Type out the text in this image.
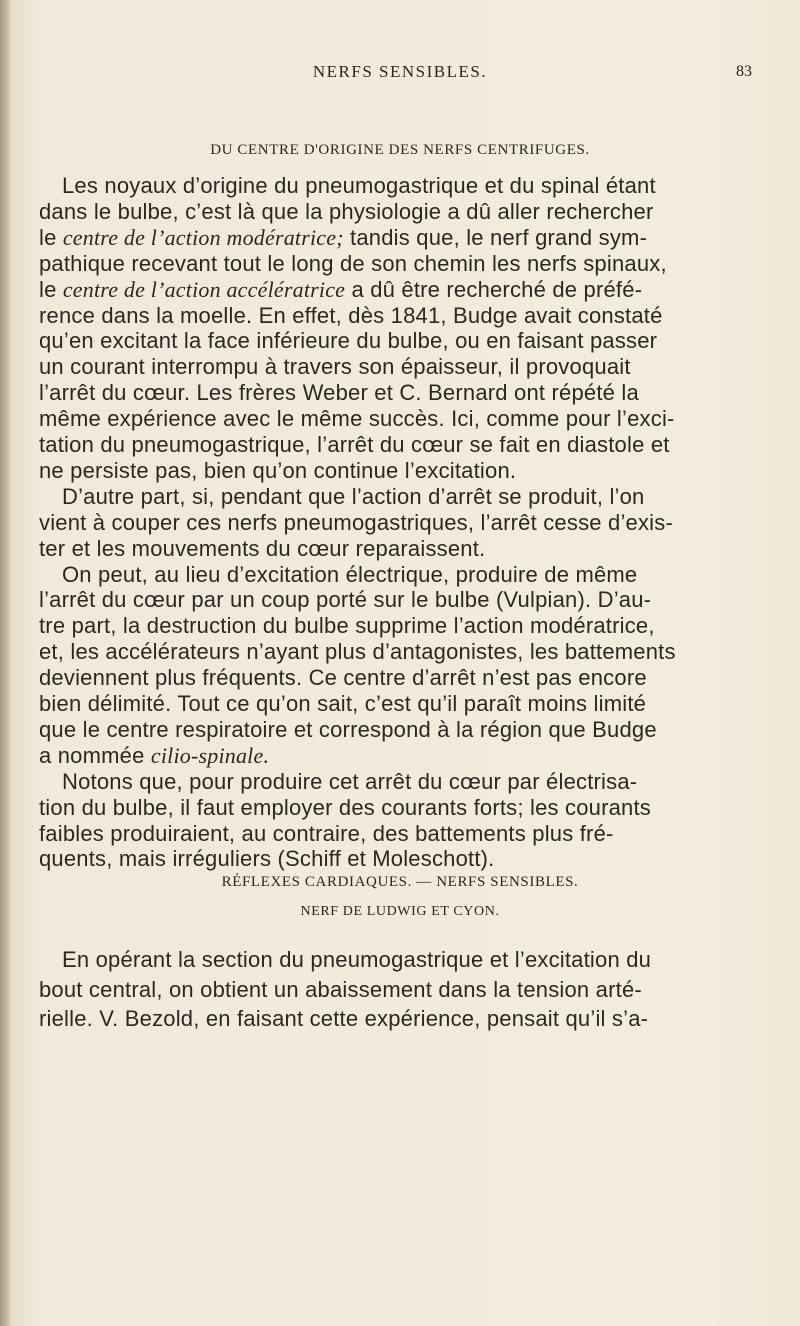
NERFS SENSIBLES.	83
DU CENTRE D'ORIGINE DES NERFS CENTRIFUGES.
Les noyaux d’origine du pneumogastrique et du spinal étant
dans le bulbe, c’est là que la physiologie a dû aller rechercher
le centre de l’action modératrice; tandis que, le nerf grand sym-
pathique recevant tout le long de son chemin les nerfs spinaux,
le centre de l’action accélératrice a dû être recherché de préfé-
rence dans la moelle. En effet, dès 1841, Budge avait constaté
qu’en excitant la face inférieure du bulbe, ou en faisant passer
un courant interrompu à travers son épaisseur, il provoquait
l’arrêt du cœur. Les frères Weber et C. Bernard ont répété la
même expérience avec le même succès. Ici, comme pour l’exci-
tation du pneumogastrique, l’arrêt du cœur se fait en diastole et
ne persiste pas, bien qu’on continue l’excitation.
D’autre part, si, pendant que l’action d’arrêt se produit, l’on
vient à couper ces nerfs pneumogastriques, l’arrêt cesse d’exis-
ter et les mouvements du cœur reparaissent.
On peut, au lieu d’excitation électrique, produire de même
l’arrêt du cœur par un coup porté sur le bulbe (Vulpian). D’au-
tre part, la destruction du bulbe supprime l’action modératrice,
et, les accélérateurs n’ayant plus d’antagonistes, les battements
deviennent plus fréquents. Ce centre d’arrêt n’est pas encore
bien délimité. Tout ce qu’on sait, c’est qu’il paraît moins limité
que le centre respiratoire et correspond à la région que Budge
a nommée cilio-spinale.
Notons que, pour produire cet arrêt du cœur par électrisa-
tion du bulbe, il faut employer des courants forts; les courants
faibles produiraient, au contraire, des battements plus fré-
quents, mais irréguliers (Schiff et Moleschott).
RÉFLEXES CARDIAQUES. — NERFS SENSIBLES.
NERF DE LUDWIG ET CYON.
En opérant la section du pneumogastrique et l’excitation du
bout central, on obtient un abaissement dans la tension arté-
rielle. V. Bezold, en faisant cette expérience, pensait qu’il s’a-
